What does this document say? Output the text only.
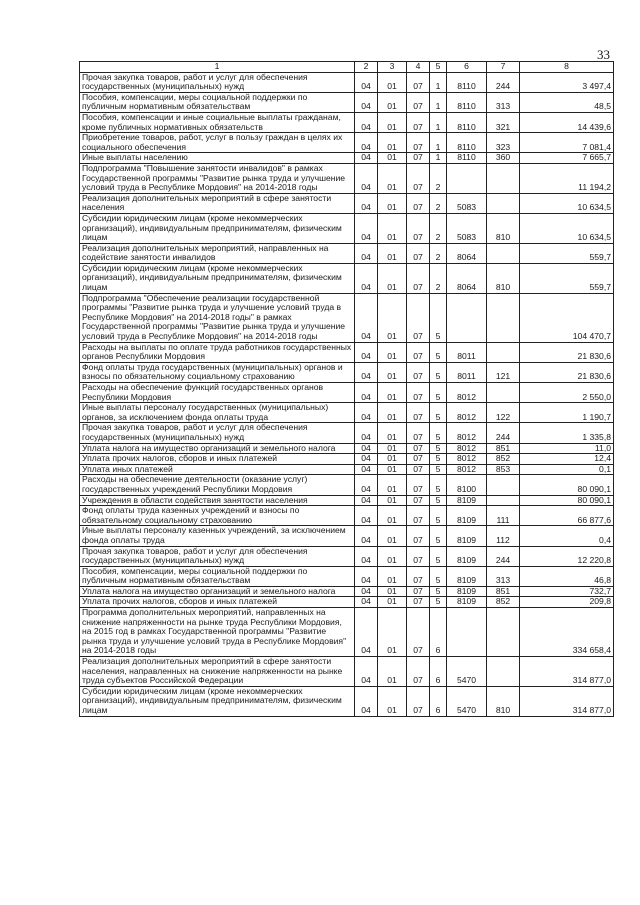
33
1	2	3	4	5	6	7	8
Прочая закупка товаров, работ и услуг для обеспечения государственных (муниципальных) нужд	04	01	07	1	8110	244	3 497,4
Пособия, компенсации, меры социальной поддержки по публичным нормативным обязательствам	04	01	07	1	8110	313	48,5
Пособия, компенсации и иные социальные выплаты гражданам, кроме публичных нормативных обязательств	04	01	07	1	8110	321	14 439,6
Приобретение товаров, работ, услуг в пользу граждан в целях их социального обеспечения	04	01	07	1	8110	323	7 081,4
Иные выплаты населению	04	01	07	1	8110	360	7 665,7
Подпрограмма "Повышение занятости инвалидов" в рамках Государственной программы "Развитие рынка труда и улучшение условий труда в Республике Мордовия" на 2014-2018 годы	04	01	07	2			11 194,2
Реализация дополнительных мероприятий в сфере занятости населения	04	01	07	2	5083		10 634,5
Субсидии юридическим лицам (кроме некоммерческих организаций), индивидуальным предпринимателям, физическим лицам	04	01	07	2	5083	810	10 634,5
Реализация дополнительных мероприятий, направленных на содействие занятости инвалидов	04	01	07	2	8064		559,7
Субсидии юридическим лицам (кроме некоммерческих организаций), индивидуальным предпринимателям, физическим лицам	04	01	07	2	8064	810	559,7
Подпрограмма "Обеспечение реализации государственной программы "Развитие рынка труда и улучшение условий труда в Республике Мордовия" на 2014-2018 годы" в рамках Государственной программы "Развитие рынка труда и улучшение условий труда в Республике Мордовия" на 2014-2018 годы	04	01	07	5			104 470,7
Расходы на выплаты по оплате труда работников государственных органов Республики Мордовия	04	01	07	5	8011		21 830,6
Фонд оплаты труда государственных (муниципальных) органов и взносы по обязательному социальному страхованию	04	01	07	5	8011	121	21 830,6
Расходы на обеспечение функций государственных органов Республики Мордовия	04	01	07	5	8012		2 550,0
Иные выплаты персоналу государственных (муниципальных) органов, за исключением фонда оплаты труда	04	01	07	5	8012	122	1 190,7
Прочая закупка товаров, работ и услуг для обеспечения государственных (муниципальных) нужд	04	01	07	5	8012	244	1 335,8
Уплата налога на имущество организаций и земельного налога	04	01	07	5	8012	851	11,0
Уплата прочих налогов, сборов и иных платежей	04	01	07	5	8012	852	12,4
Уплата иных платежей	04	01	07	5	8012	853	0,1
Расходы на обеспечение деятельности (оказание услуг) государственных учреждений Республики Мордовия	04	01	07	5	8100		80 090,1
Учреждения в области содействия занятости населения	04	01	07	5	8109		80 090,1
Фонд оплаты труда казенных учреждений и взносы по обязательному социальному страхованию	04	01	07	5	8109	111	66 877,6
Иные выплаты персоналу казенных учреждений, за исключением фонда оплаты труда	04	01	07	5	8109	112	0,4
Прочая закупка товаров, работ и услуг для обеспечения государственных (муниципальных) нужд	04	01	07	5	8109	244	12 220,8
Пособия, компенсации, меры социальной поддержки по публичным нормативным обязательствам	04	01	07	5	8109	313	46,8
Уплата налога на имущество организаций и земельного налога	04	01	07	5	8109	851	732,7
Уплата прочих налогов, сборов и иных платежей	04	01	07	5	8109	852	209,8
Программа дополнительных мероприятий, направленных на снижение напряженности на рынке труда Республики Мордовия, на 2015 год в рамках Государственной программы "Развитие рынка труда и улучшение условий труда в Республике Мордовия" на 2014-2018 годы	04	01	07	6			334 658,4
Реализация дополнительных мероприятий в сфере занятости населения, направленных на снижение напряженности на рынке труда субъектов Российской Федерации	04	01	07	6	5470		314 877,0
Субсидии юридическим лицам (кроме некоммерческих организаций), индивидуальным предпринимателям, физическим лицам	04	01	07	6	5470	810	314 877,0
